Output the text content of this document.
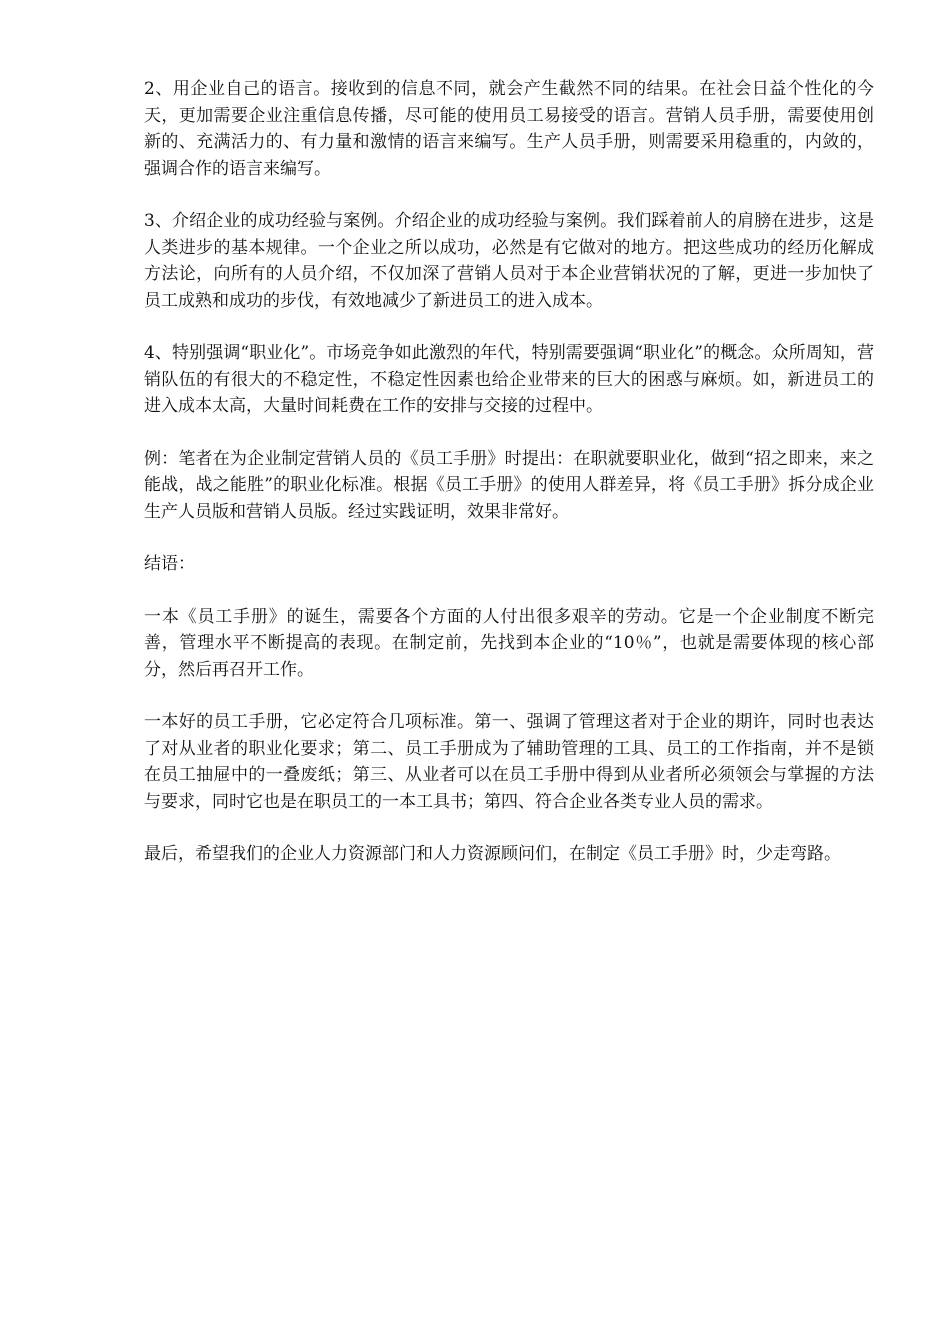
2、用企业自己的语言。接收到的信息不同，就会产生截然不同的结果。在社会日益个性化的今天，更加需要企业注重信息传播，尽可能的使用员工易接受的语言。营销人员手册，需要使用创新的、充满活力的、有力量和激情的语言来编写。生产人员手册，则需要采用稳重的，内敛的，强调合作的语言来编写。

3、介绍企业的成功经验与案例。介绍企业的成功经验与案例。我们踩着前人的肩膀在进步，这是人类进步的基本规律。一个企业之所以成功，必然是有它做对的地方。把这些成功的经历化解成方法论，向所有的人员介绍，不仅加深了营销人员对于本企业营销状况的了解，更进一步加快了员工成熟和成功的步伐，有效地减少了新进员工的进入成本。

4、特别强调“职业化”。市场竞争如此激烈的年代，特别需要强调“职业化”的概念。众所周知，营销队伍的有很大的不稳定性，不稳定性因素也给企业带来的巨大的困惑与麻烦。如，新进员工的进入成本太高，大量时间耗费在工作的安排与交接的过程中。

例：笔者在为企业制定营销人员的《员工手册》时提出：在职就要职业化，做到“招之即来，来之能战，战之能胜”的职业化标准。根据《员工手册》的使用人群差异，将《员工手册》拆分成企业生产人员版和营销人员版。经过实践证明，效果非常好。

结语：

一本《员工手册》的诞生，需要各个方面的人付出很多艰辛的劳动。它是一个企业制度不断完善，管理水平不断提高的表现。在制定前，先找到本企业的“10％”，也就是需要体现的核心部分，然后再召开工作。

一本好的员工手册，它必定符合几项标准。第一、强调了管理这者对于企业的期许，同时也表达了对从业者的职业化要求；第二、员工手册成为了辅助管理的工具、员工的工作指南，并不是锁在员工抽屉中的一叠废纸；第三、从业者可以在员工手册中得到从业者所必须领会与掌握的方法与要求，同时它也是在职员工的一本工具书；第四、符合企业各类专业人员的需求。

最后，希望我们的企业人力资源部门和人力资源顾问们，在制定《员工手册》时，少走弯路。
